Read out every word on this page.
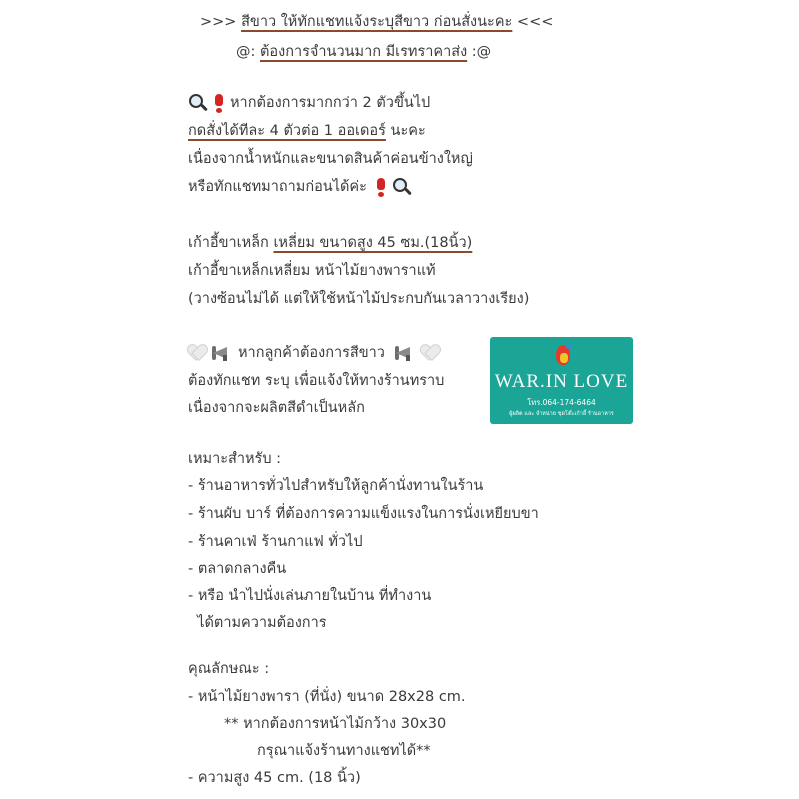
>>> สีขาว ให้ทักแชทแจ้งระบุสีขาว ก่อนสั่งนะคะ <<<
@: ต้องการจำนวนมาก มีเรทราคาส่ง :@
หากต้องการมากกว่า 2 ตัวขึ้นไป
กดสั่งได้ทีละ 4 ตัวต่อ 1 ออเดอร์ นะคะ
เนื่องจากน้ำหนักและขนาดสินค้าค่อนข้างใหญ่
หรือทักแชทมาถามก่อนได้ค่ะ
เก้าอี้ขาเหล็ก เหลี่ยม ขนาดสูง 45 ซม.(18นิ้ว)
เก้าอี้ขาเหล็กเหลี่ยม หน้าไม้ยางพาราแท้
(วางซ้อนไม่ได้ แต่ให้ใช้หน้าไม้ประกบกันเวลาวางเรียง)
หากลูกค้าต้องการสีขาว
ต้องทักแชท ระบุ เพื่อแจ้งให้ทางร้านทราบ
เนื่องจากจะผลิตสีดำเป็นหลัก
WAR.IN LOVE
โทร.064-174-6464
ผู้ผลิต และ จำหน่าย ชุดโต๊ะเก้าอี้ ร้านอาหาร
เหมาะสำหรับ :
- ร้านอาหารทั่วไปสำหรับให้ลูกค้านั่งทานในร้าน
- ร้านผับ บาร์ ที่ต้องการความแข็งแรงในการนั่งเหยียบขา
- ร้านคาเฟ่ ร้านกาแฟ ทั่วไป
- ตลาดกลางคืน
- หรือ นำไปนั่งเล่นภายในบ้าน ที่ทำงาน
ได้ตามความต้องการ
คุณลักษณะ :
- หน้าไม้ยางพารา (ที่นั่ง) ขนาด 28x28 cm.
** หากต้องการหน้าไม้กว้าง 30x30
กรุณาแจ้งร้านทางแชทได้**
- ความสูง 45 cm. (18 นิ้ว)
